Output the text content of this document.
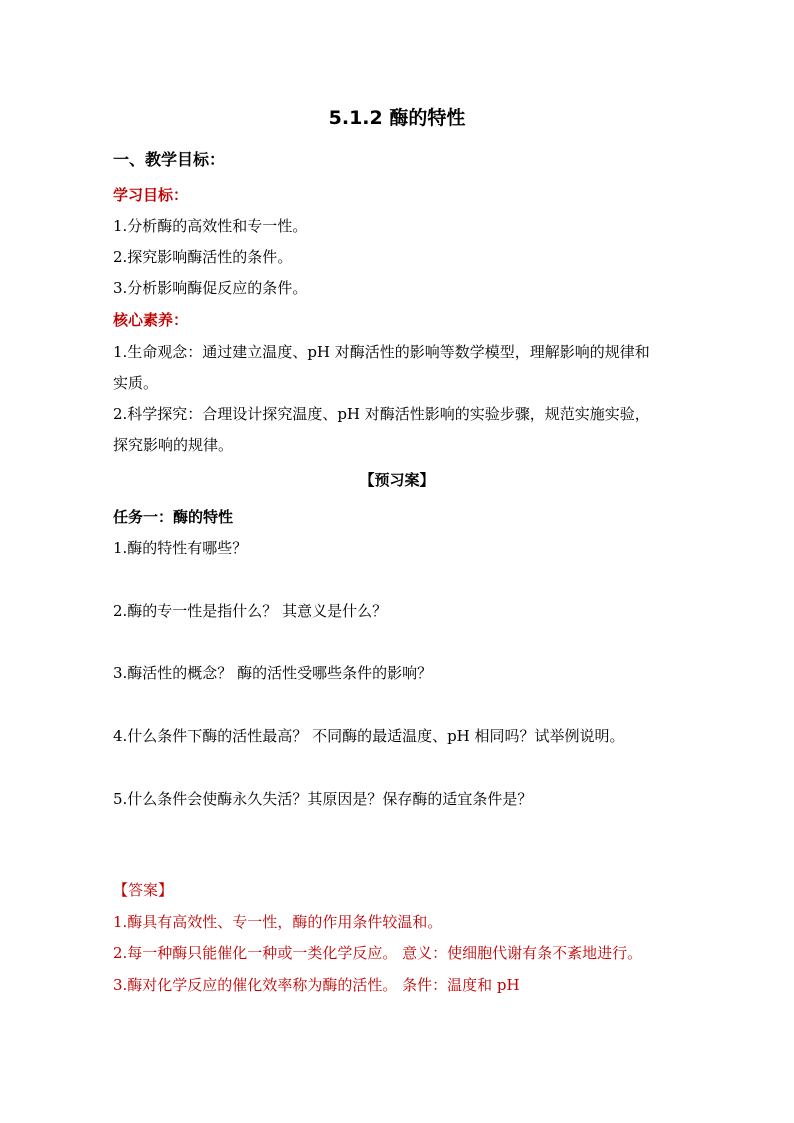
5.1.2 酶的特性
一、教学目标：
学习目标：
1.分析酶的高效性和专一性。
2.探究影响酶活性的条件。
3.分析影响酶促反应的条件。
核心素养：
1.生命观念：通过建立温度、pH 对酶活性的影响等数学模型，理解影响的规律和
实质。
2.科学探究：合理设计探究温度、pH 对酶活性影响的实验步骤，规范实施实验，
探究影响的规律。
【预习案】
任务一：酶的特性
1.酶的特性有哪些？
2.酶的专一性是指什么？ 其意义是什么？
3.酶活性的概念？ 酶的活性受哪些条件的影响？
4.什么条件下酶的活性最高？ 不同酶的最适温度、pH 相同吗？试举例说明。
5.什么条件会使酶永久失活？其原因是？保存酶的适宜条件是？
【答案】
1.酶具有高效性、专一性，酶的作用条件较温和。
2.每一种酶只能催化一种或一类化学反应。 意义：使细胞代谢有条不紊地进行。
3.酶对化学反应的催化效率称为酶的活性。 条件：温度和 pH
